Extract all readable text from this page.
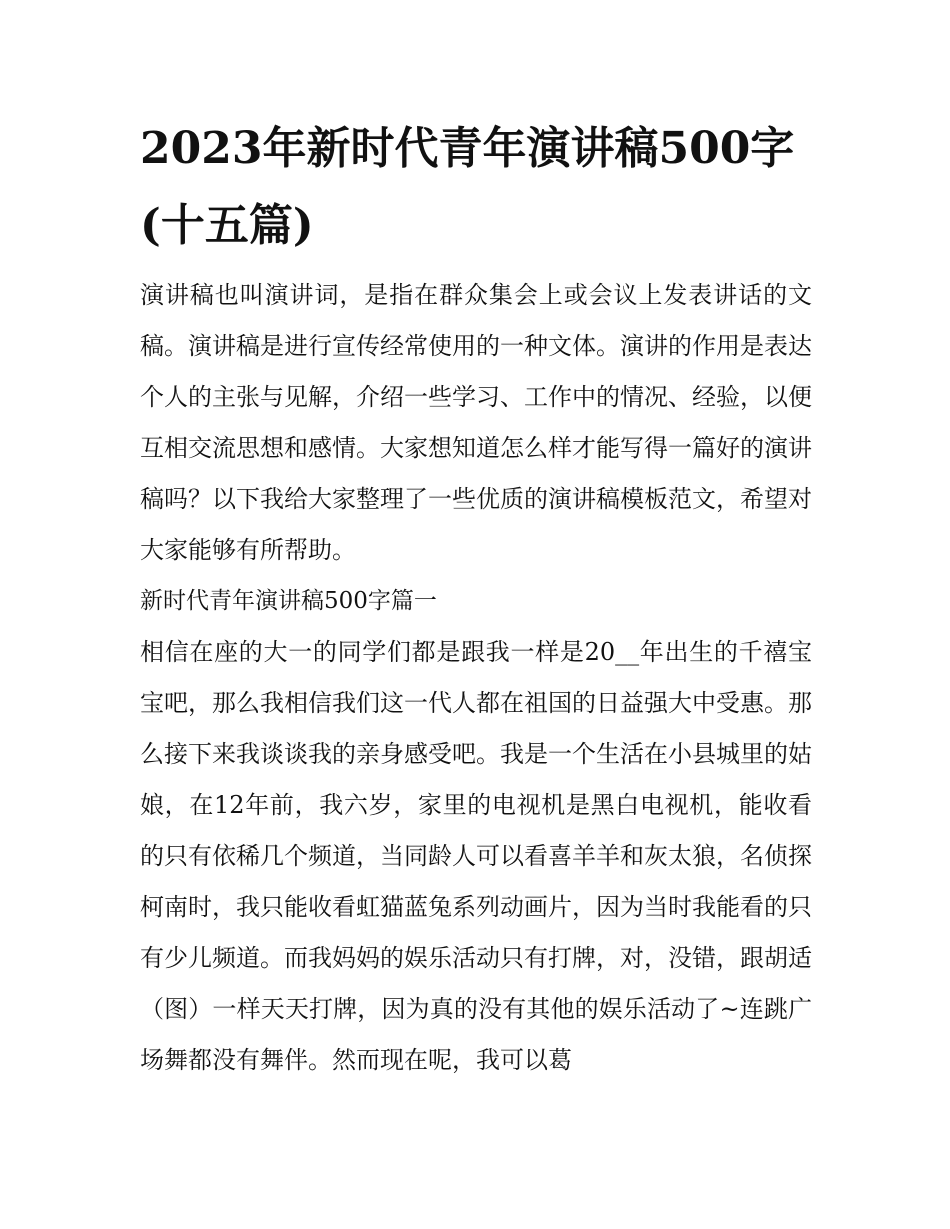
2023年新时代青年演讲稿500字(十五篇)

演讲稿也叫演讲词，是指在群众集会上或会议上发表讲话的文稿。演讲稿是进行宣传经常使用的一种文体。演讲的作用是表达个人的主张与见解，介绍一些学习、工作中的情况、经验，以便互相交流思想和感情。大家想知道怎么样才能写得一篇好的演讲稿吗？以下我给大家整理了一些优质的演讲稿模板范文，希望对大家能够有所帮助。

新时代青年演讲稿500字篇一

相信在座的大一的同学们都是跟我一样是20__年出生的千禧宝宝吧，那么我相信我们这一代人都在祖国的日益强大中受惠。那么接下来我谈谈我的亲身感受吧。我是一个生活在小县城里的姑娘，在12年前，我六岁，家里的电视机是黑白电视机，能收看的只有依稀几个频道，当同龄人可以看喜羊羊和灰太狼，名侦探柯南时，我只能收看虹猫蓝兔系列动画片，因为当时我能看的只有少儿频道。而我妈妈的娱乐活动只有打牌，对，没错，跟胡适（图）一样天天打牌，因为真的没有其他的娱乐活动了~连跳广场舞都没有舞伴。然而现在呢，我可以葛
